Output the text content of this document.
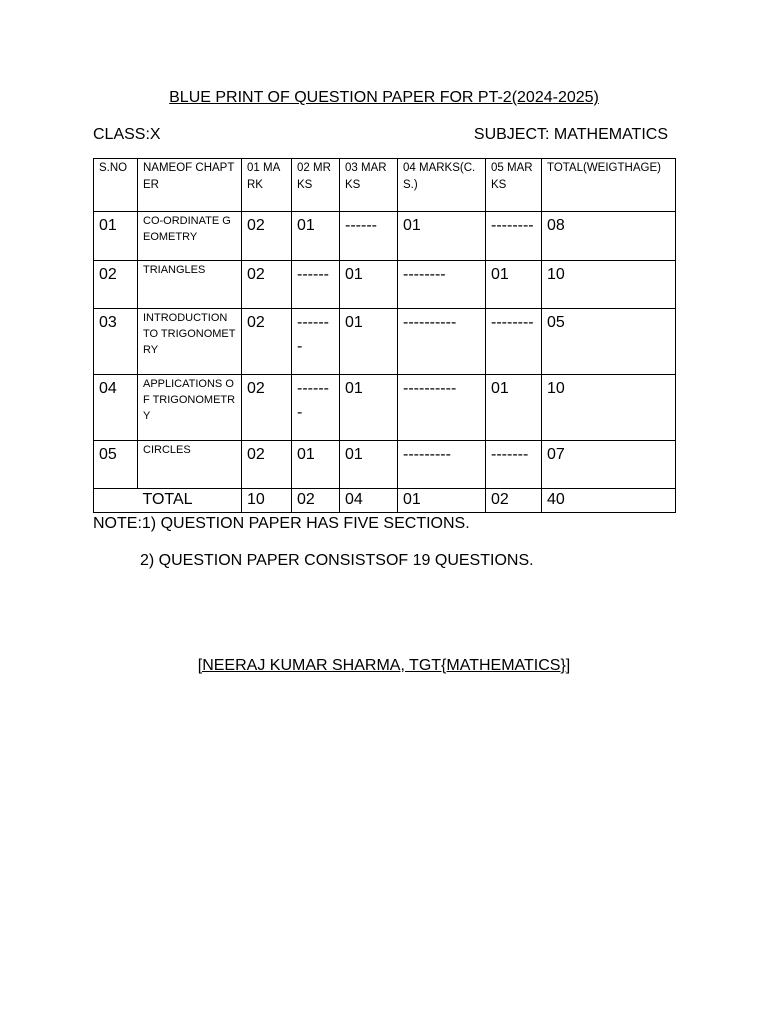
BLUE PRINT OF QUESTION PAPER FOR PT-2(2024-2025)
CLASS:X	SUBJECT: MATHEMATICS
S.NO	NAMEOF CHAPTER	01 MARK	02 MRKS	03 MARKS	04 MARKS(C.S.)	05 MARKS	TOTAL(WEIGTHAGE)
01	CO-ORDINATE GEOMETRY	02	01	------	01	--------	08
02	TRIANGLES	02	------	01	--------	01	10
03	INTRODUCTION TO TRIGONOMETRY	02	-------	01	----------	--------	05
04	APPLICATIONS OF TRIGONOMETRY	02	-------	01	----------	01	10
05	CIRCLES	02	01	01	---------	-------	07
TOTAL		10	02	04	01	02	40
NOTE:1) QUESTION PAPER HAS FIVE SECTIONS.
2) QUESTION PAPER CONSISTSOF 19 QUESTIONS.
[NEERAJ KUMAR SHARMA, TGT{MATHEMATICS}]
